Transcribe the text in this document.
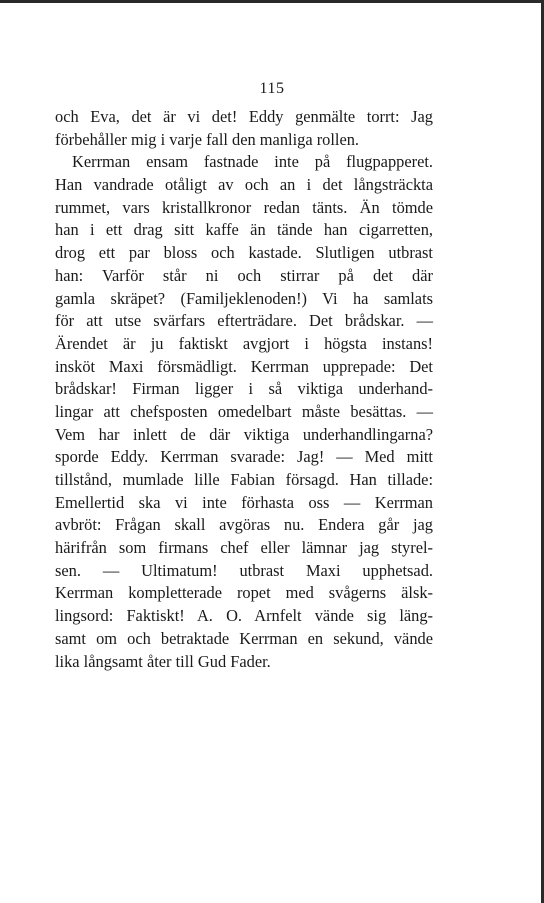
115
och Eva, det är vi det! Eddy genmälte torrt: Jag
förbehåller mig i varje fall den manliga rollen.
Kerrman ensam fastnade inte på flugpapperet.
Han vandrade otåligt av och an i det långsträckta
rummet, vars kristallkronor redan tänts. Än tömde
han i ett drag sitt kaffe än tände han cigarretten,
drog ett par bloss och kastade. Slutligen utbrast
han: Varför står ni och stirrar på det där
gamla skräpet? (Familjeklenoden!) Vi ha samlats
för att utse svärfars efterträdare. Det brådskar. —
Ärendet är ju faktiskt avgjort i högsta instans!
insköt Maxi försmädligt. Kerrman upprepade: Det
brådskar! Firman ligger i så viktiga underhand-
lingar att chefsposten omedelbart måste besättas. —
Vem har inlett de där viktiga underhandlingarna?
sporde Eddy. Kerrman svarade: Jag! — Med mitt
tillstånd, mumlade lille Fabian försagd. Han tillade:
Emellertid ska vi inte förhasta oss — Kerrman
avbröt: Frågan skall avgöras nu. Endera går jag
härifrån som firmans chef eller lämnar jag styrel-
sen. — Ultimatum! utbrast Maxi upphetsad.
Kerrman kompletterade ropet med svågerns älsk-
lingsord: Faktiskt! A. O. Arnfelt vände sig läng-
samt om och betraktade Kerrman en sekund, vände
lika långsamt åter till Gud Fader.
